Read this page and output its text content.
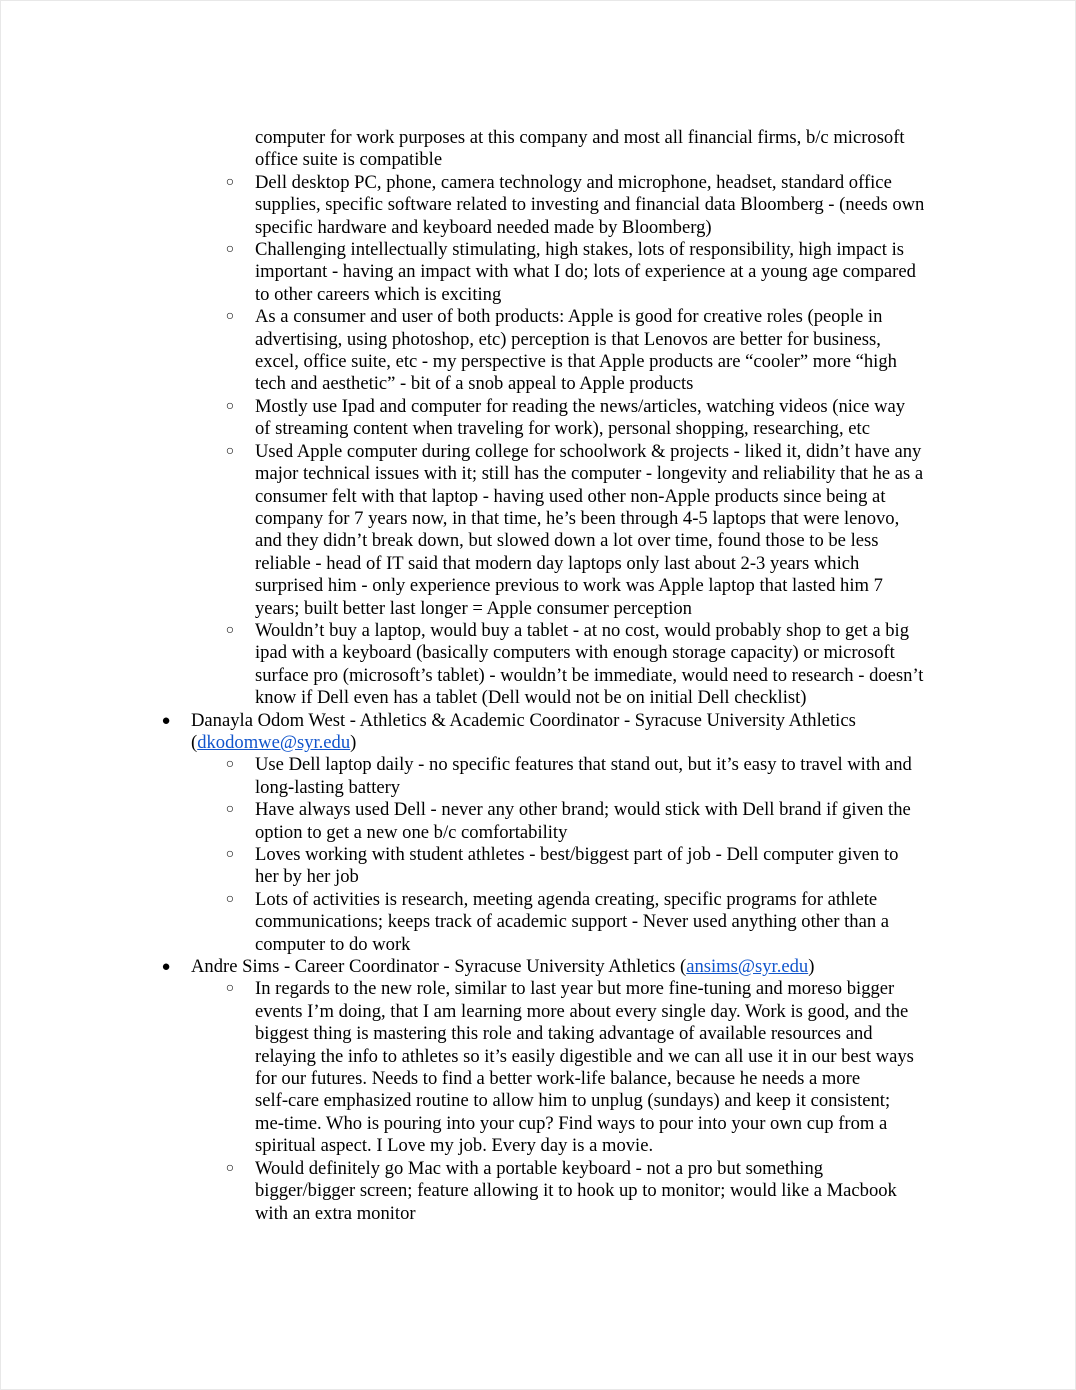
computer for work purposes at this company and most all financial firms, b/c microsoft
office suite is compatible
○ Dell desktop PC, phone, camera technology and microphone, headset, standard office
supplies, specific software related to investing and financial data Bloomberg - (needs own
specific hardware and keyboard needed made by Bloomberg)
○ Challenging intellectually stimulating, high stakes, lots of responsibility, high impact is
important - having an impact with what I do; lots of experience at a young age compared
to other careers which is exciting
○ As a consumer and user of both products: Apple is good for creative roles (people in
advertising, using photoshop, etc) perception is that Lenovos are better for business,
excel, office suite, etc - my perspective is that Apple products are “cooler” more “high
tech and aesthetic” - bit of a snob appeal to Apple products
○ Mostly use Ipad and computer for reading the news/articles, watching videos (nice way
of streaming content when traveling for work), personal shopping, researching, etc
○ Used Apple computer during college for schoolwork & projects - liked it, didn’t have any
major technical issues with it; still has the computer - longevity and reliability that he as a
consumer felt with that laptop - having used other non-Apple products since being at
company for 7 years now, in that time, he’s been through 4-5 laptops that were lenovo,
and they didn’t break down, but slowed down a lot over time, found those to be less
reliable - head of IT said that modern day laptops only last about 2-3 years which
surprised him - only experience previous to work was Apple laptop that lasted him 7
years; built better last longer = Apple consumer perception
○ Wouldn’t buy a laptop, would buy a tablet - at no cost, would probably shop to get a big
ipad with a keyboard (basically computers with enough storage capacity) or microsoft
surface pro (microsoft’s tablet) - wouldn’t be immediate, would need to research - doesn’t
know if Dell even has a tablet (Dell would not be on initial Dell checklist)
● Danayla Odom West - Athletics & Academic Coordinator - Syracuse University Athletics
(dkodomwe@syr.edu)
○ Use Dell laptop daily - no specific features that stand out, but it’s easy to travel with and
long-lasting battery
○ Have always used Dell - never any other brand; would stick with Dell brand if given the
option to get a new one b/c comfortability
○ Loves working with student athletes - best/biggest part of job - Dell computer given to
her by her job
○ Lots of activities is research, meeting agenda creating, specific programs for athlete
communications; keeps track of academic support - Never used anything other than a
computer to do work
● Andre Sims - Career Coordinator - Syracuse University Athletics (ansims@syr.edu)
○ In regards to the new role, similar to last year but more fine-tuning and moreso bigger
events I’m doing, that I am learning more about every single day. Work is good, and the
biggest thing is mastering this role and taking advantage of available resources and
relaying the info to athletes so it’s easily digestible and we can all use it in our best ways
for our futures. Needs to find a better work-life balance, because he needs a more
self-care emphasized routine to allow him to unplug (sundays) and keep it consistent;
me-time. Who is pouring into your cup? Find ways to pour into your own cup from a
spiritual aspect. I Love my job. Every day is a movie.
○ Would definitely go Mac with a portable keyboard - not a pro but something
bigger/bigger screen; feature allowing it to hook up to monitor; would like a Macbook
with an extra monitor
